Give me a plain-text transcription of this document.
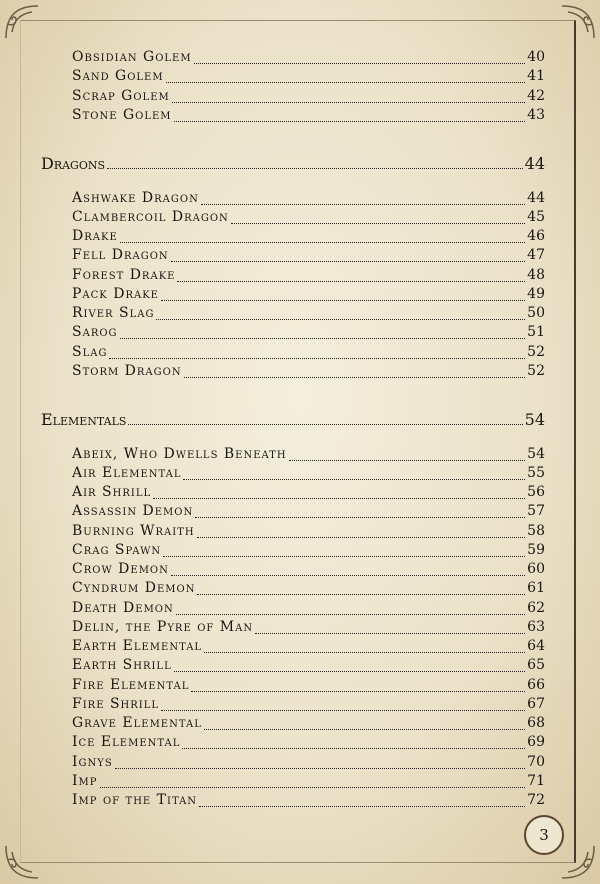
Obsidian Golem	40
Sand Golem	41
Scrap Golem	42
Stone Golem	43
Dragons	44
Ashwake Dragon	44
Clambercoil Dragon	45
Drake	46
Fell Dragon	47
Forest Drake	48
Pack Drake	49
River Slag	50
Sarog	51
Slag	52
Storm Dragon	52
Elementals	54
Abeix, Who Dwells Beneath	54
Air Elemental	55
Air Shrill	56
Assassin Demon	57
Burning Wraith	58
Crag Spawn	59
Crow Demon	60
Cyndrum Demon	61
Death Demon	62
Delin, the Pyre of Man	63
Earth Elemental	64
Earth Shrill	65
Fire Elemental	66
Fire Shrill	67
Grave Elemental	68
Ice Elemental	69
Ignys	70
Imp	71
Imp of the Titan	72
3
